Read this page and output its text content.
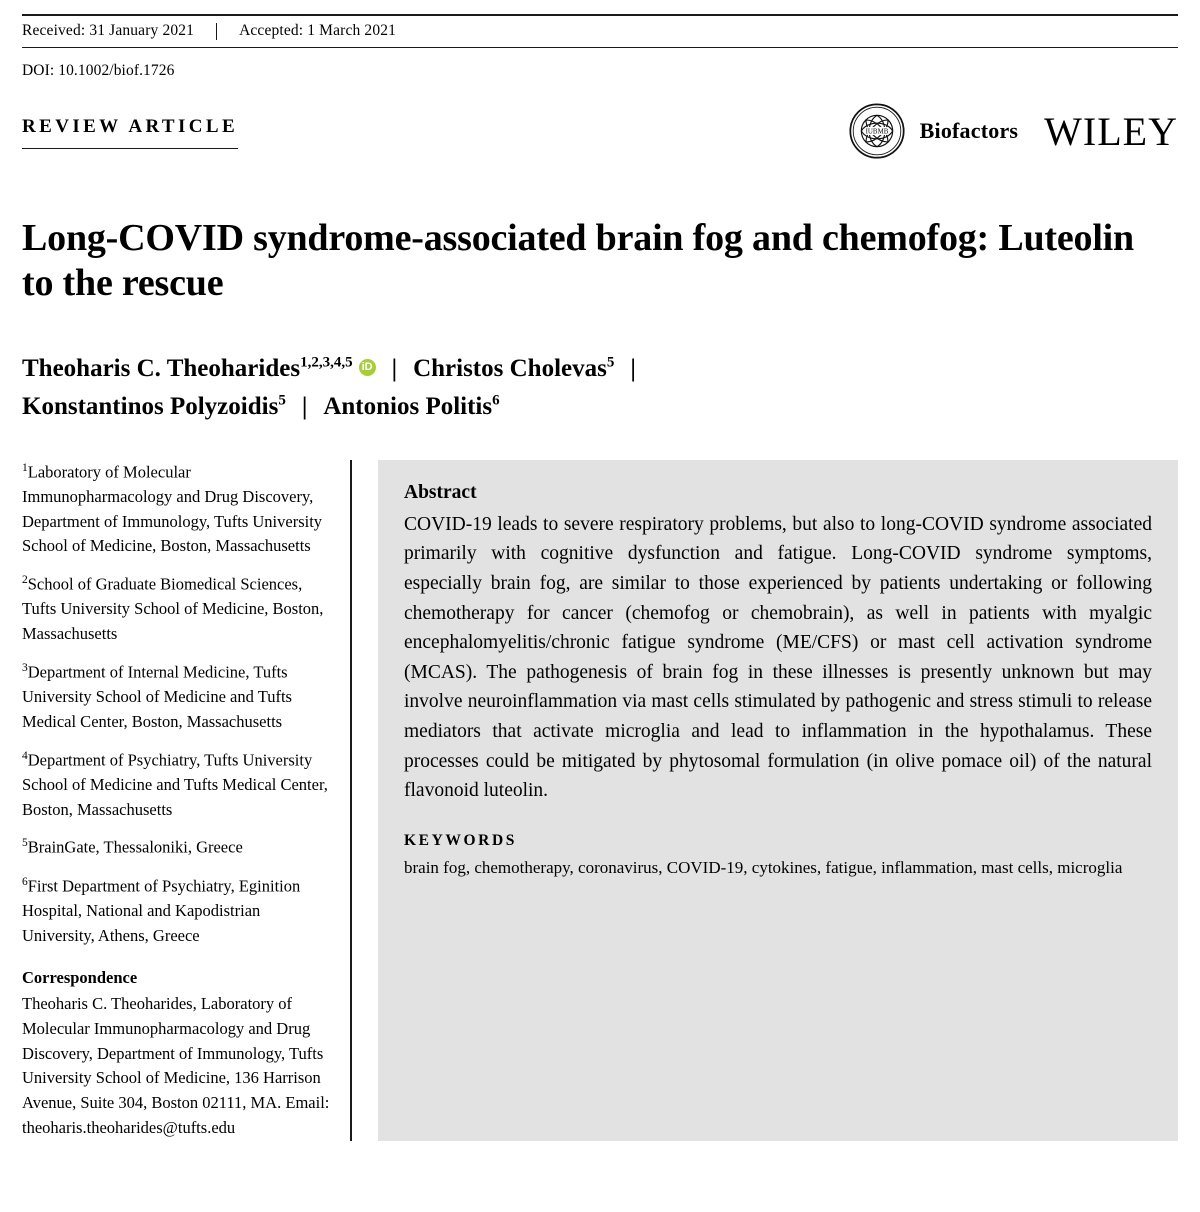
Received: 31 January 2021	Accepted: 1 March 2021
DOI: 10.1002/biof.1726
REVIEW ARTICLE	IUBMB Biofactors WILEY
Long-COVID syndrome-associated brain fog and chemofog: Luteolin to the rescue
Theoharis C. Theoharides$^{1,2,3,4,5}$ iD | Christos Cholevas$^5$ |
Konstantinos Polyzoidis$^5$ | Antonios Politis$^6$
$^1$Laboratory of Molecular Immunopharmacology and Drug Discovery, Department of Immunology, Tufts University School of Medicine, Boston, Massachusetts
$^2$School of Graduate Biomedical Sciences, Tufts University School of Medicine, Boston, Massachusetts
$^3$Department of Internal Medicine, Tufts University School of Medicine and Tufts Medical Center, Boston, Massachusetts
$^4$Department of Psychiatry, Tufts University School of Medicine and Tufts Medical Center, Boston, Massachusetts
$^5$BrainGate, Thessaloniki, Greece
$^6$First Department of Psychiatry, Eginition Hospital, National and Kapodistrian University, Athens, Greece
Correspondence
Theoharis C. Theoharides, Laboratory of Molecular Immunopharmacology and Drug Discovery, Department of Immunology, Tufts University School of Medicine, 136 Harrison Avenue, Suite 304, Boston 02111, MA. Email: theoharis.theoharides@tufts.edu
Abstract
COVID-19 leads to severe respiratory problems, but also to long-COVID syndrome associated primarily with cognitive dysfunction and fatigue. Long-COVID syndrome symptoms, especially brain fog, are similar to those experienced by patients undertaking or following chemotherapy for cancer (chemofog or chemobrain), as well in patients with myalgic encephalomyelitis/chronic fatigue syndrome (ME/CFS) or mast cell activation syndrome (MCAS). The pathogenesis of brain fog in these illnesses is presently unknown but may involve neuroinflammation via mast cells stimulated by pathogenic and stress stimuli to release mediators that activate microglia and lead to inflammation in the hypothalamus. These processes could be mitigated by phytosomal formulation (in olive pomace oil) of the natural flavonoid luteolin.
KEYWORDS
brain fog, chemotherapy, coronavirus, COVID-19, cytokines, fatigue, inflammation, mast cells, microglia
